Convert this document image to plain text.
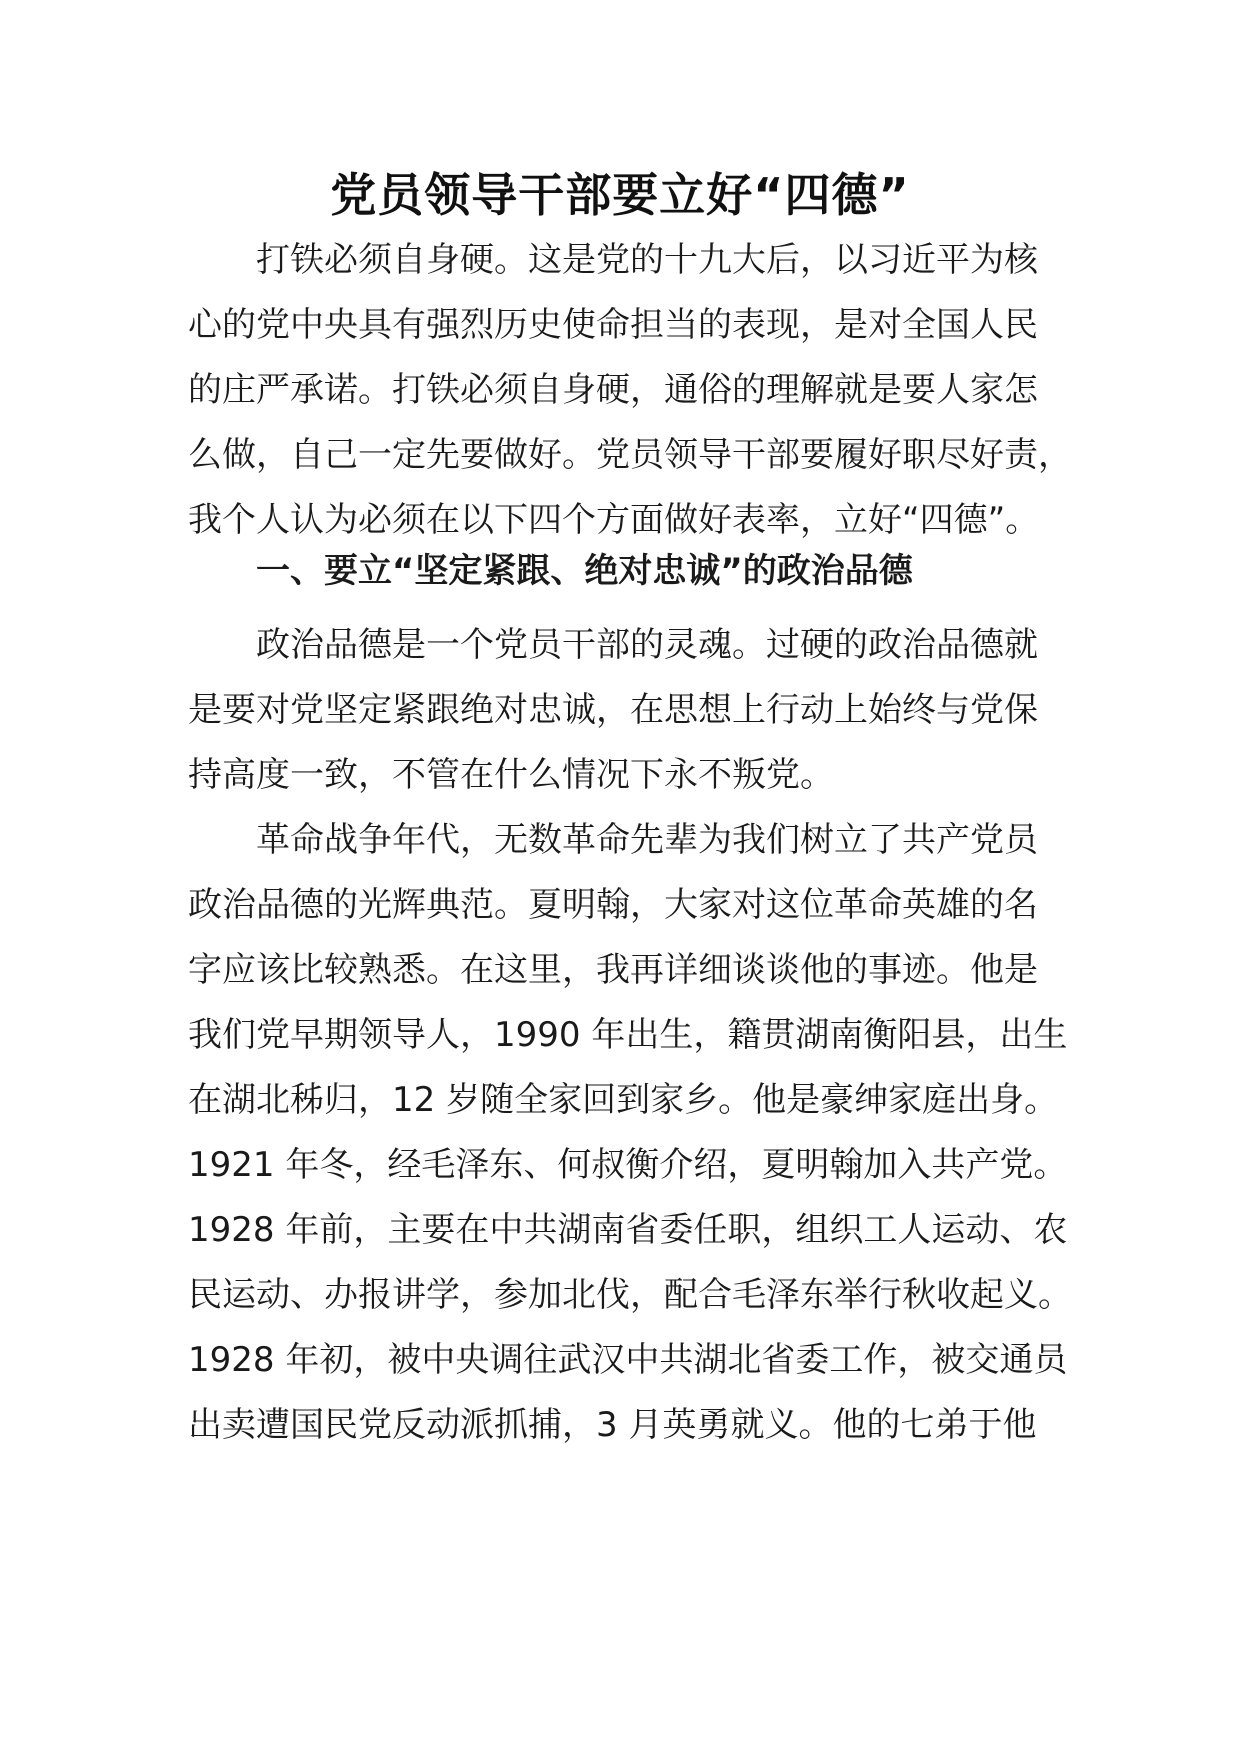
党员领导干部要立好“四德”
打铁必须自身硬。这是党的十九大后，以习近平为核
心的党中央具有强烈历史使命担当的表现，是对全国人民
的庄严承诺。打铁必须自身硬，通俗的理解就是要人家怎
么做，自己一定先要做好。党员领导干部要履好职尽好责，
我个人认为必须在以下四个方面做好表率，立好“四德”。
一、要立“坚定紧跟、绝对忠诚”的政治品德
政治品德是一个党员干部的灵魂。过硬的政治品德就
是要对党坚定紧跟绝对忠诚，在思想上行动上始终与党保
持高度一致，不管在什么情况下永不叛党。
革命战争年代，无数革命先辈为我们树立了共产党员
政治品德的光辉典范。夏明翰，大家对这位革命英雄的名
字应该比较熟悉。在这里，我再详细谈谈他的事迹。他是
我们党早期领导人，1990 年出生，籍贯湖南衡阳县，出生
在湖北秭归，12 岁随全家回到家乡。他是豪绅家庭出身。
1921 年冬，经毛泽东、何叔衡介绍，夏明翰加入共产党。
1928 年前，主要在中共湖南省委任职，组织工人运动、农
民运动、办报讲学，参加北伐，配合毛泽东举行秋收起义。
1928 年初，被中央调往武汉中共湖北省委工作，被交通员
出卖遭国民党反动派抓捕，3 月英勇就义。他的七弟于他
